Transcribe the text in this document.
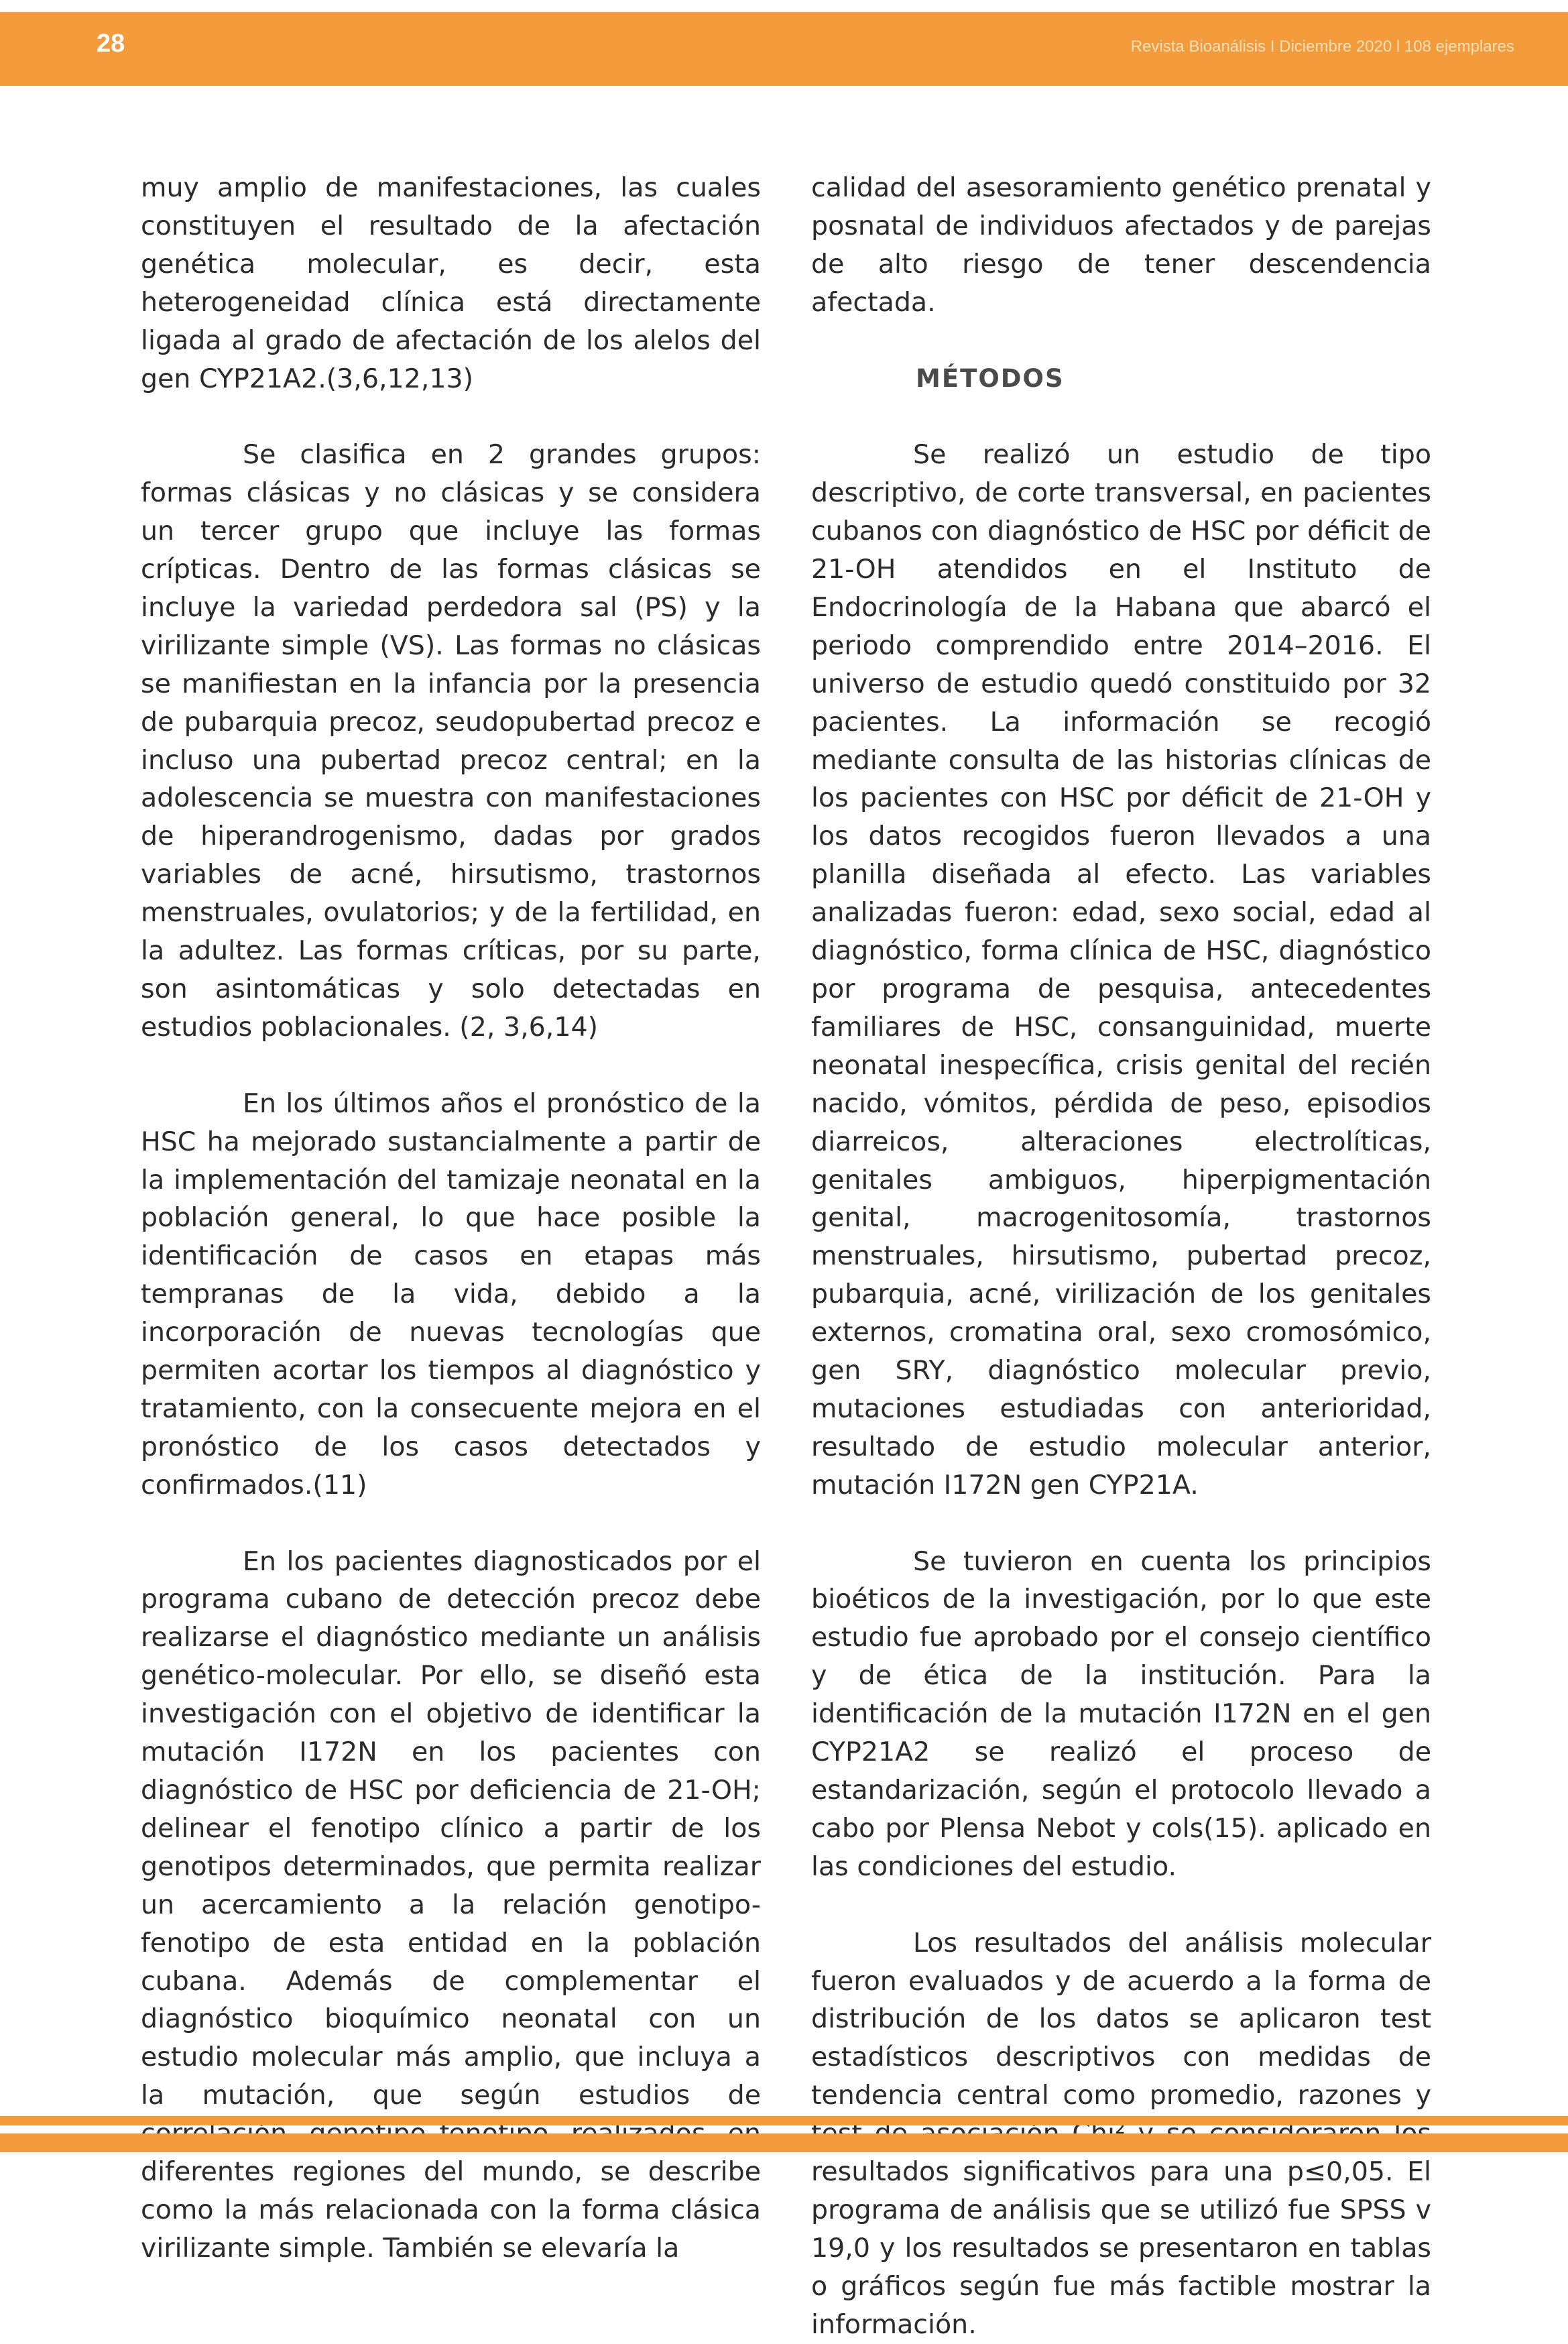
28	Revista Bioanálisis I Diciembre 2020 l 108 ejemplares

muy amplio de manifestaciones, las cuales constituyen el resultado de la afectación genética molecular, es decir, esta heterogeneidad clínica está directamente ligada al grado de afectación de los alelos del gen CYP21A2.(3,6,12,13)

Se clasifica en 2 grandes grupos: formas clásicas y no clásicas y se considera un tercer grupo que incluye las formas crípticas. Dentro de las formas clásicas se incluye la variedad perdedora sal (PS) y la virilizante simple (VS). Las formas no clásicas se manifiestan en la infancia por la presencia de pubarquia precoz, seudopubertad precoz e incluso una pubertad precoz central; en la adolescencia se muestra con manifestaciones de hiperandrogenismo, dadas por grados variables de acné, hirsutismo, trastornos menstruales, ovulatorios; y de la fertilidad, en la adultez. Las formas críticas, por su parte, son asintomáticas y solo detectadas en estudios poblacionales. (2, 3,6,14)

En los últimos años el pronóstico de la HSC ha mejorado sustancialmente a partir de la implementación del tamizaje neonatal en la población general, lo que hace posible la identificación de casos en etapas más tempranas de la vida, debido a la incorporación de nuevas tecnologías que permiten acortar los tiempos al diagnóstico y tratamiento, con la consecuente mejora en el pronóstico de los casos detectados y confirmados.(11)

En los pacientes diagnosticados por el programa cubano de detección precoz debe realizarse el diagnóstico mediante un análisis genético-molecular. Por ello, se diseñó esta investigación con el objetivo de identificar la mutación I172N en los pacientes con diagnóstico de HSC por deficiencia de 21-OH; delinear el fenotipo clínico a partir de los genotipos determinados, que permita realizar un acercamiento a la relación genotipo-fenotipo de esta entidad en la población cubana. Además de complementar el diagnóstico bioquímico neonatal con un estudio molecular más amplio, que incluya a la mutación, que según estudios de diferentes regiones del mundo, se describe como la más relacionada con la forma clásica virilizante simple. También se elevaría la

calidad del asesoramiento genético prenatal y posnatal de individuos afectados y de parejas de alto riesgo de tener descendencia afectada.

MÉTODOS

Se realizó un estudio de tipo descriptivo, de corte transversal, en pacientes cubanos con diagnóstico de HSC por déficit de 21-OH atendidos en el Instituto de Endocrinología de la Habana que abarcó el periodo comprendido entre 2014–2016. El universo de estudio quedó constituido por 32 pacientes. La información se recogió mediante consulta de las historias clínicas de los pacientes con HSC por déficit de 21-OH y los datos recogidos fueron llevados a una planilla diseñada al efecto. Las variables analizadas fueron: edad, sexo social, edad al diagnóstico, forma clínica de HSC, diagnóstico por programa de pesquisa, antecedentes familiares de HSC, consanguinidad, muerte neonatal inespecífica, crisis genital del recién nacido, vómitos, pérdida de peso, episodios diarreicos, alteraciones electrolíticas, genitales ambiguos, hiperpigmentación genital, macrogenitosomía, trastornos menstruales, hirsutismo, pubertad precoz, pubarquia, acné, virilización de los genitales externos, cromatina oral, sexo cromosómico, gen SRY, diagnóstico molecular previo, mutaciones estudiadas con anterioridad, resultado de estudio molecular anterior, mutación I172N gen CYP21A.

Se tuvieron en cuenta los principios bioéticos de la investigación, por lo que este estudio fue aprobado por el consejo científico y de ética de la institución. Para la identificación de la mutación I172N en el gen CYP21A2 se realizó el proceso de estandarización, según el protocolo llevado a cabo por Plensa Nebot y cols(15). aplicado en las condiciones del estudio.

Los resultados del análisis molecular fueron evaluados y de acuerdo a la forma de distribución de los datos se aplicaron test estadísticos descriptivos con medidas de tendencia central como promedio, razones y resultados significativos para una p≤0,05. El programa de análisis que se utilizó fue SPSS v 19,0 y los resultados se presentaron en tablas o gráficos según fue más factible mostrar la información.
